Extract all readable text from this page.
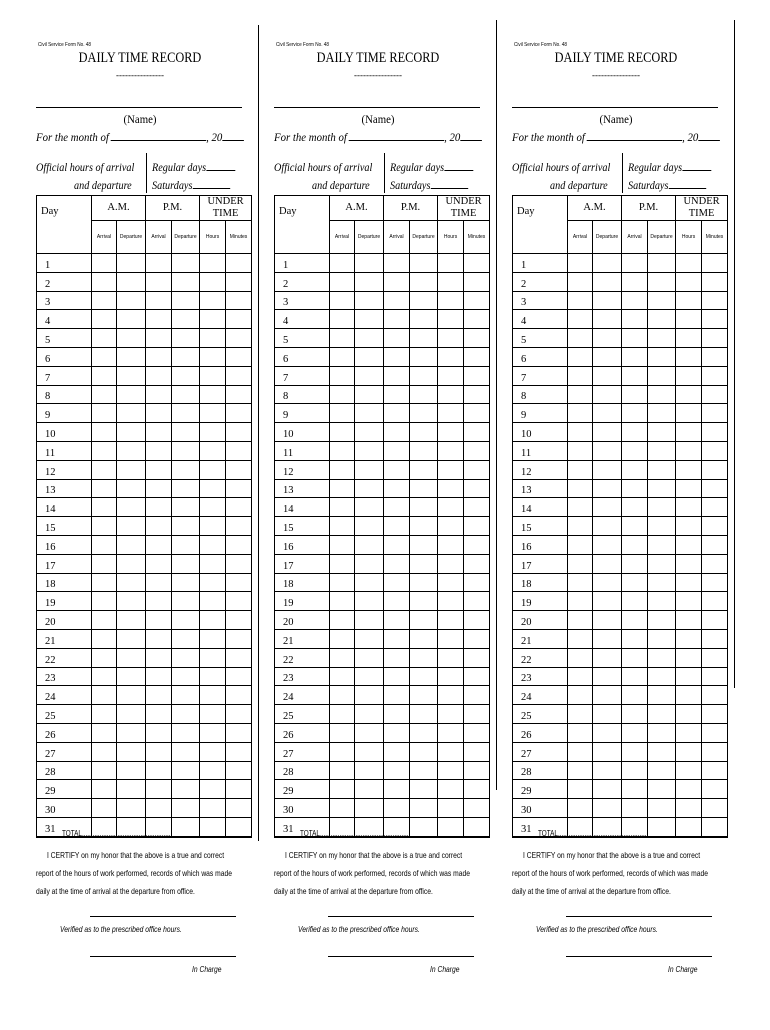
Civil Service Form No. 48
DAILY TIME RECORD
----------------
(Name)
For the month of	, 20
Official hours of arrival
and departure
Regular days
Saturdays
Day	A.M.		P.M.		UNDER TIME	
	Arrival	Departure	Arrival	Departure	Hours	Minutes
1						
2						
3						
4						
5						
6						
7						
8						
9						
10						
11						
12						
13						
14						
15						
16						
17						
18						
19						
20						
21						
22						
23						
24						
25						
26						
27						
28						
29						
30						
31						TOTAL..................................................
I CERTIFY on my honor that the above is a true and correct
report of the hours of work performed, records of which was made
daily at the time of arrival at the departure from office.
Verified as to the prescribed office hours.
In Charge
Civil Service Form No. 48
DAILY TIME RECORD
----------------
(Name)
For the month of	, 20
Official hours of arrival
and departure
Regular days
Saturdays
Day	A.M.		P.M.		UNDER TIME	
	Arrival	Departure	Arrival	Departure	Hours	Minutes
1						
2						
3						
4						
5						
6						
7						
8						
9						
10						
11						
12						
13						
14						
15						
16						
17						
18						
19						
20						
21						
22						
23						
24						
25						
26						
27						
28						
29						
30						
31						TOTAL..................................................
I CERTIFY on my honor that the above is a true and correct
report of the hours of work performed, records of which was made
daily at the time of arrival at the departure from office.
Verified as to the prescribed office hours.
In Charge
Civil Service Form No. 48
DAILY TIME RECORD
----------------
(Name)
For the month of	, 20
Official hours of arrival
and departure
Regular days
Saturdays
Day	A.M.		P.M.		UNDER TIME	
	Arrival	Departure	Arrival	Departure	Hours	Minutes
1						
2						
3						
4						
5						
6						
7						
8						
9						
10						
11						
12						
13						
14						
15						
16						
17						
18						
19						
20						
21						
22						
23						
24						
25						
26						
27						
28						
29						
30						
31						TOTAL..................................................
I CERTIFY on my honor that the above is a true and correct
report of the hours of work performed, records of which was made
daily at the time of arrival at the departure from office.
Verified as to the prescribed office hours.
In Charge
